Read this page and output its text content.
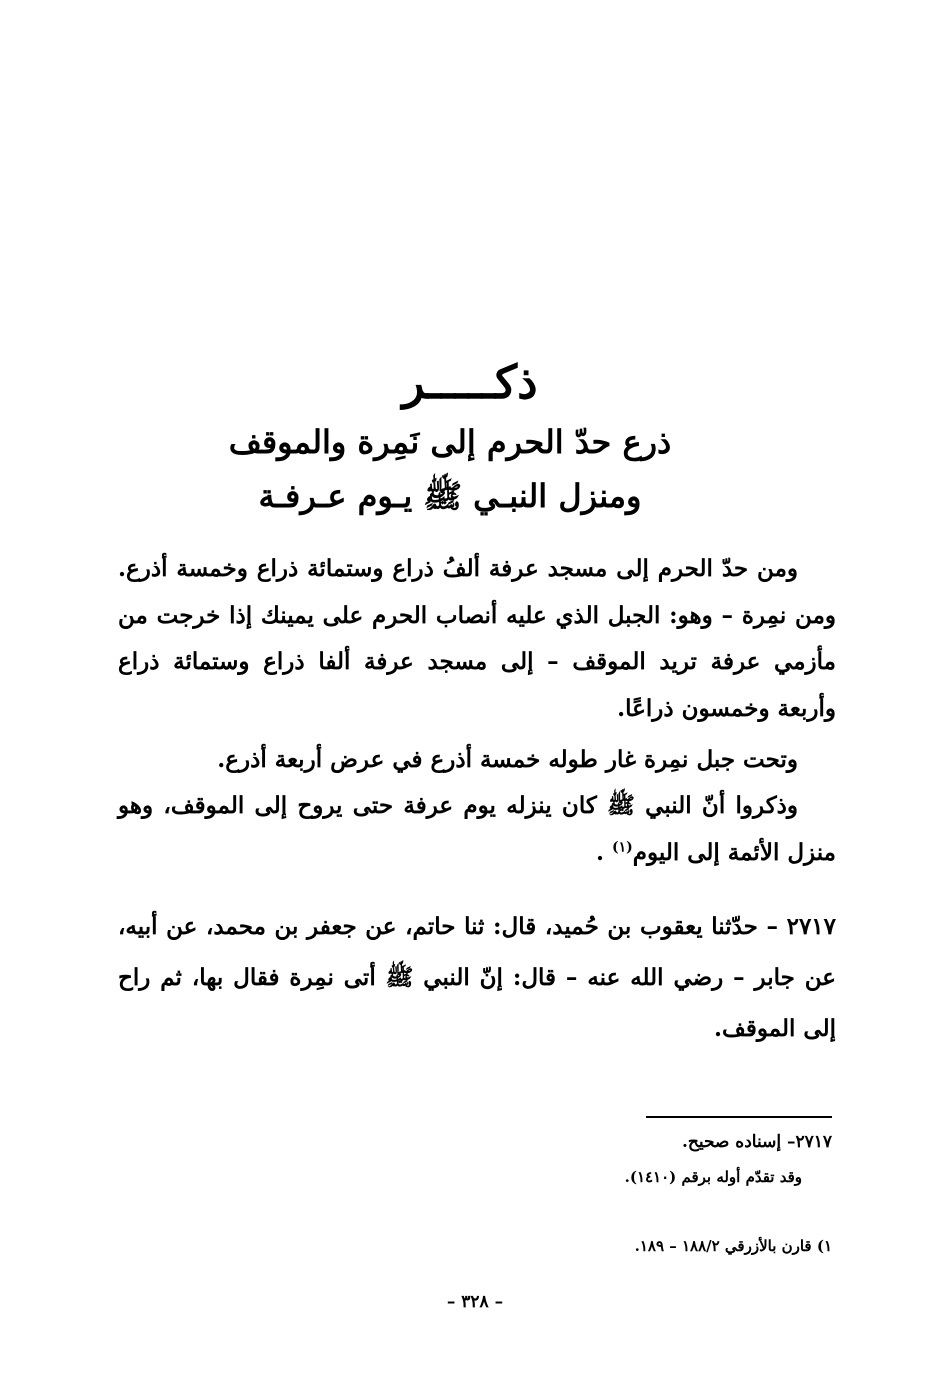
ذكـــــر
ذرع حدّ الحرم إلى نَمِرة والموقف
ومنزل النبـي ﷺ يـوم عـرفـة

ومن حدّ الحرم إلى مسجد عرفة ألفُ ذراع وستمائة ذراع وخمسة أذرع. ومن نمِرة – وهو: الجبل الذي عليه أنصاب الحرم على يمينك إذا خرجت من مأزمي عرفة تريد الموقف – إلى مسجد عرفة ألفا ذراع وستمائة ذراع وأربعة وخمسون ذراعًا.

وتحت جبل نمِرة غار طوله خمسة أذرع في عرض أربعة أذرع.

وذكروا أنّ النبي ﷺ كان ينزله يوم عرفة حتى يروح إلى الموقف، وهو منزل الأئمة إلى اليوم$^{(١)}$ .

٢٧١٧ – حدّثنا يعقوب بن حُميد، قال: ثنا حاتم، عن جعفر بن محمد، عن أبيه، عن جابر – رضي الله عنه – قال: إنّ النبي ﷺ أتى نمِرة فقال بها، ثم راح إلى الموقف.

٢٧١٧– إسناده صحيح.

وقد تقدّم أوله برقم (١٤١٠).

١) قارن بالأزرقي ١٨٨/٢ – ١٨٩.

– ٣٢٨ –
